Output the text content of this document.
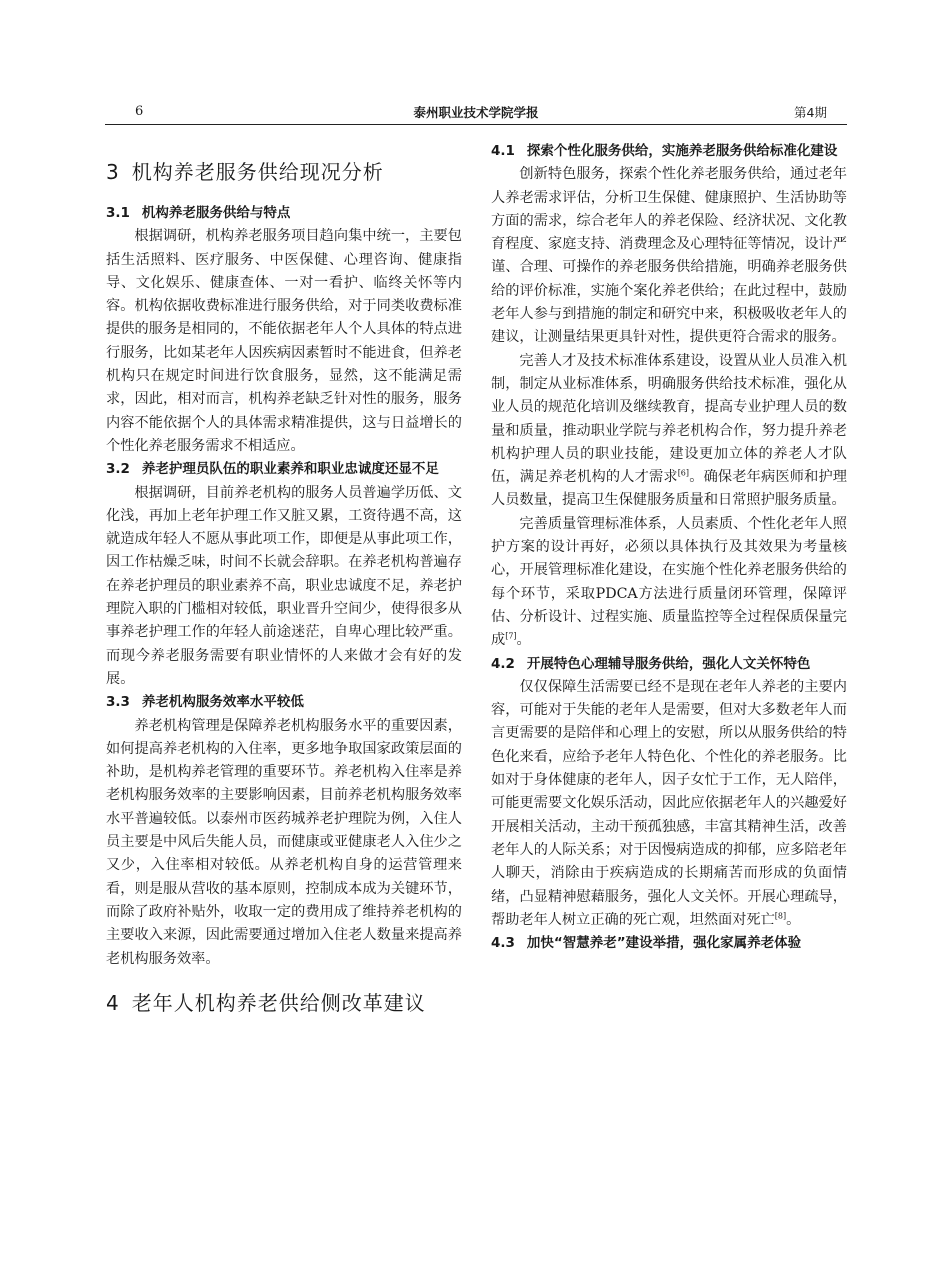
6	泰州职业技术学院学报	第4期
3 机构养老服务供给现况分析
3.1 机构养老服务供给与特点

根据调研，机构养老服务项目趋向集中统一，主要包括生活照料、医疗服务、中医保健、心理咨询、健康指导、文化娱乐、健康查体、一对一看护、临终关怀等内容。机构依据收费标准进行服务供给，对于同类收费标准提供的服务是相同的，不能依据老年人个人具体的特点进行服务，比如某老年人因疾病因素暂时不能进食，但养老机构只在规定时间进行饮食服务，显然，这不能满足需求，因此，相对而言，机构养老缺乏针对性的服务，服务内容不能依据个人的具体需求精准提供，这与日益增长的个性化养老服务需求不相适应。

3.2 养老护理员队伍的职业素养和职业忠诚度还显不足

根据调研，目前养老机构的服务人员普遍学历低、文化浅，再加上老年护理工作又脏又累，工资待遇不高，这就造成年轻人不愿从事此项工作，即便是从事此项工作，因工作枯燥乏味，时间不长就会辞职。在养老机构普遍存在养老护理员的职业素养不高，职业忠诚度不足，养老护理院入职的门槛相对较低，职业晋升空间少，使得很多从事养老护理工作的年轻人前途迷茫，自卑心理比较严重。而现今养老服务需要有职业情怀的人来做才会有好的发展。

3.3 养老机构服务效率水平较低

养老机构管理是保障养老机构服务水平的重要因素，如何提高养老机构的入住率，更多地争取国家政策层面的补助，是机构养老管理的重要环节。养老机构入住率是养老机构服务效率的主要影响因素，目前养老机构服务效率水平普遍较低。以泰州市医药城养老护理院为例，入住人员主要是中风后失能人员，而健康或亚健康老人入住少之又少，入住率相对较低。从养老机构自身的运营管理来看，则是服从营收的基本原则，控制成本成为关键环节，而除了政府补贴外，收取一定的费用成了维持养老机构的主要收入来源，因此需要通过增加入住老人数量来提高养老机构服务效率。

4 老年人机构养老供给侧改革建议
4.1 探索个性化服务供给，实施养老服务供给标准化建设

创新特色服务，探索个性化养老服务供给，通过老年人养老需求评估，分析卫生保健、健康照护、生活协助等方面的需求，综合老年人的养老保险、经济状况、文化教育程度、家庭支持、消费理念及心理特征等情况，设计严谨、合理、可操作的养老服务供给措施，明确养老服务供给的评价标准，实施个案化养老供给；在此过程中，鼓励老年人参与到措施的制定和研究中来，积极吸收老年人的建议，让测量结果更具针对性，提供更符合需求的服务。

完善人才及技术标准体系建设，设置从业人员准入机制，制定从业标准体系，明确服务供给技术标准，强化从业人员的规范化培训及继续教育，提高专业护理人员的数量和质量，推动职业学院与养老机构合作，努力提升养老机构护理人员的职业技能，建设更加立体的养老人才队伍，满足养老机构的人才需求[6]。确保老年病医师和护理人员数量，提高卫生保健服务质量和日常照护服务质量。

完善质量管理标准体系，人员素质、个性化老年人照护方案的设计再好，必须以具体执行及其效果为考量核心，开展管理标准化建设，在实施个性化养老服务供给的每个环节，采取PDCA方法进行质量闭环管理，保障评估、分析设计、过程实施、质量监控等全过程保质保量完成[7]。

4.2 开展特色心理辅导服务供给，强化人文关怀特色

仅仅保障生活需要已经不是现在老年人养老的主要内容，可能对于失能的老年人是需要，但对大多数老年人而言更需要的是陪伴和心理上的安慰，所以从服务供给的特色化来看，应给予老年人特色化、个性化的养老服务。比如对于身体健康的老年人，因子女忙于工作，无人陪伴，可能更需要文化娱乐活动，因此应依据老年人的兴趣爱好开展相关活动，主动干预孤独感，丰富其精神生活，改善老年人的人际关系；对于因慢病造成的抑郁，应多陪老年人聊天，消除由于疾病造成的长期痛苦而形成的负面情绪，凸显精神慰藉服务，强化人文关怀。开展心理疏导，帮助老年人树立正确的死亡观，坦然面对死亡[8]。

4.3 加快“智慧养老”建设举措，强化家属养老体验
